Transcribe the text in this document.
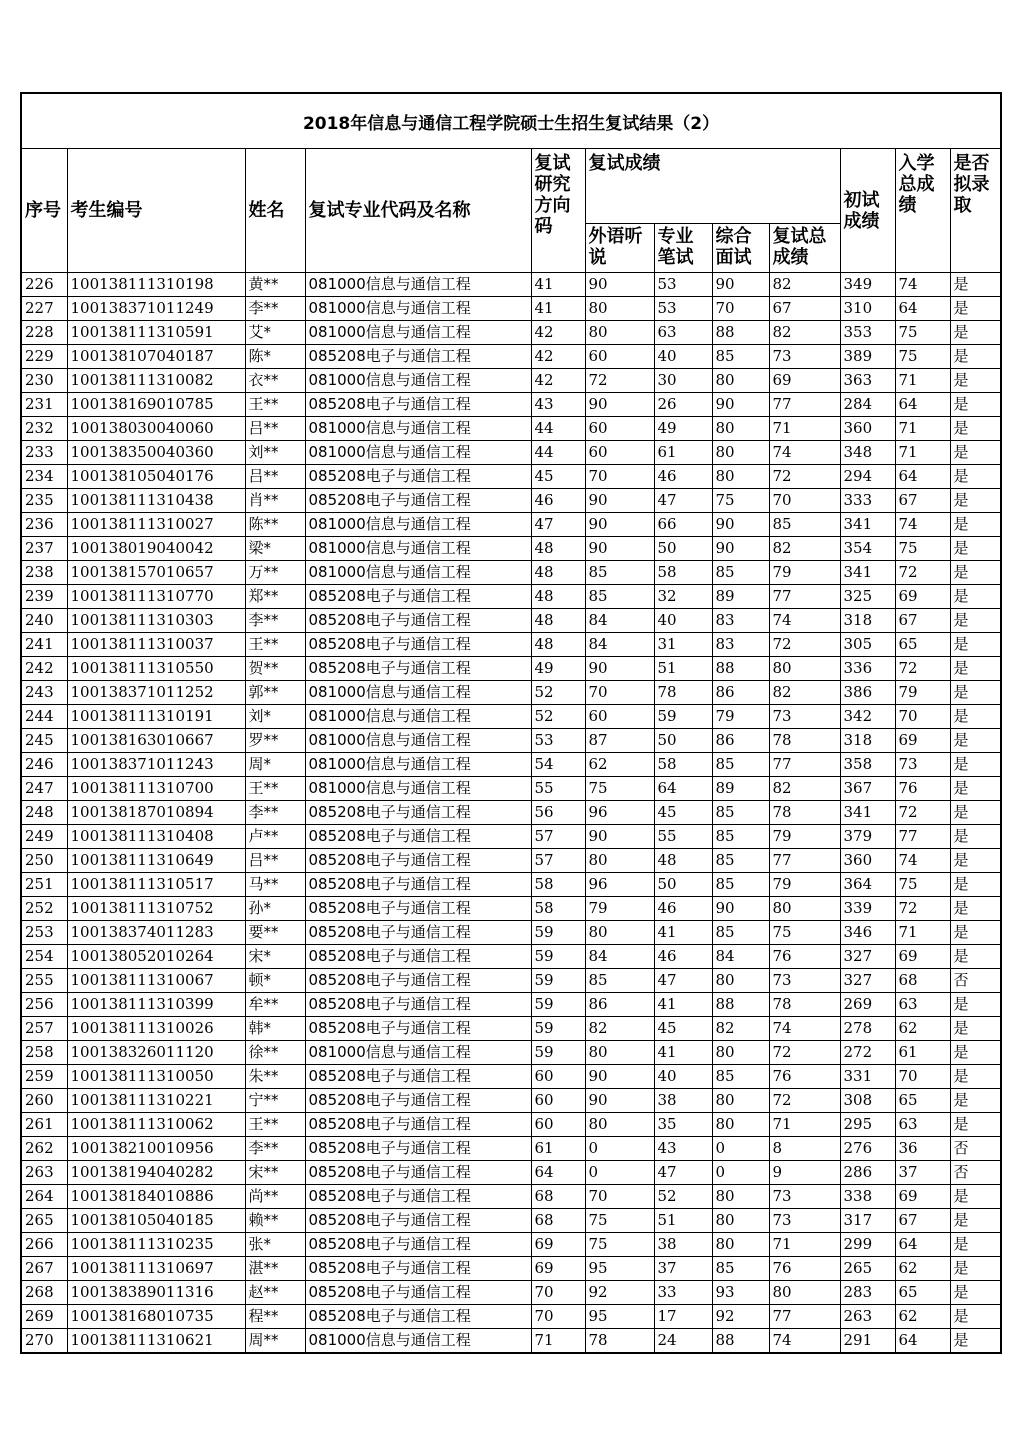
2018年信息与通信工程学院硕士生招生复试结果（2）											
序号	考生编号	姓名	复试专业代码及名称	复试研究方向码	复试成绩				初试成绩	入学总成绩	是否拟录取
					外语听说	专业笔试	综合面试	复试总成绩			
226	100138111310198	黄**	081000信息与通信工程	41	90	53	90	82	349	74	是
227	100138371011249	李**	081000信息与通信工程	41	80	53	70	67	310	64	是
228	100138111310591	艾*	081000信息与通信工程	42	80	63	88	82	353	75	是
229	100138107040187	陈*	085208电子与通信工程	42	60	40	85	73	389	75	是
230	100138111310082	衣**	081000信息与通信工程	42	72	30	80	69	363	71	是
231	100138169010785	王**	085208电子与通信工程	43	90	26	90	77	284	64	是
232	100138030040060	吕**	081000信息与通信工程	44	60	49	80	71	360	71	是
233	100138350040360	刘**	081000信息与通信工程	44	60	61	80	74	348	71	是
234	100138105040176	吕**	085208电子与通信工程	45	70	46	80	72	294	64	是
235	100138111310438	肖**	085208电子与通信工程	46	90	47	75	70	333	67	是
236	100138111310027	陈**	081000信息与通信工程	47	90	66	90	85	341	74	是
237	100138019040042	梁*	081000信息与通信工程	48	90	50	90	82	354	75	是
238	100138157010657	万**	081000信息与通信工程	48	85	58	85	79	341	72	是
239	100138111310770	郑**	085208电子与通信工程	48	85	32	89	77	325	69	是
240	100138111310303	李**	085208电子与通信工程	48	84	40	83	74	318	67	是
241	100138111310037	王**	085208电子与通信工程	48	84	31	83	72	305	65	是
242	100138111310550	贺**	085208电子与通信工程	49	90	51	88	80	336	72	是
243	100138371011252	郭**	081000信息与通信工程	52	70	78	86	82	386	79	是
244	100138111310191	刘*	081000信息与通信工程	52	60	59	79	73	342	70	是
245	100138163010667	罗**	081000信息与通信工程	53	87	50	86	78	318	69	是
246	100138371011243	周*	081000信息与通信工程	54	62	58	85	77	358	73	是
247	100138111310700	王**	081000信息与通信工程	55	75	64	89	82	367	76	是
248	100138187010894	李**	085208电子与通信工程	56	96	45	85	78	341	72	是
249	100138111310408	卢**	085208电子与通信工程	57	90	55	85	79	379	77	是
250	100138111310649	吕**	085208电子与通信工程	57	80	48	85	77	360	74	是
251	100138111310517	马**	085208电子与通信工程	58	96	50	85	79	364	75	是
252	100138111310752	孙*	085208电子与通信工程	58	79	46	90	80	339	72	是
253	100138374011283	要**	085208电子与通信工程	59	80	41	85	75	346	71	是
254	100138052010264	宋*	085208电子与通信工程	59	84	46	84	76	327	69	是
255	100138111310067	顿*	085208电子与通信工程	59	85	47	80	73	327	68	否
256	100138111310399	牟**	085208电子与通信工程	59	86	41	88	78	269	63	是
257	100138111310026	韩*	085208电子与通信工程	59	82	45	82	74	278	62	是
258	100138326011120	徐**	081000信息与通信工程	59	80	41	80	72	272	61	是
259	100138111310050	朱**	085208电子与通信工程	60	90	40	85	76	331	70	是
260	100138111310221	宁**	085208电子与通信工程	60	90	38	80	72	308	65	是
261	100138111310062	王**	085208电子与通信工程	60	80	35	80	71	295	63	是
262	100138210010956	李**	085208电子与通信工程	61	0	43	0	8	276	36	否
263	100138194040282	宋**	085208电子与通信工程	64	0	47	0	9	286	37	否
264	100138184010886	尚**	085208电子与通信工程	68	70	52	80	73	338	69	是
265	100138105040185	赖**	085208电子与通信工程	68	75	51	80	73	317	67	是
266	100138111310235	张*	085208电子与通信工程	69	75	38	80	71	299	64	是
267	100138111310697	湛**	085208电子与通信工程	69	95	37	85	76	265	62	是
268	100138389011316	赵**	085208电子与通信工程	70	92	33	93	80	283	65	是
269	100138168010735	程**	085208电子与通信工程	70	95	17	92	77	263	62	是
270	100138111310621	周**	081000信息与通信工程	71	78	24	88	74	291	64	是
